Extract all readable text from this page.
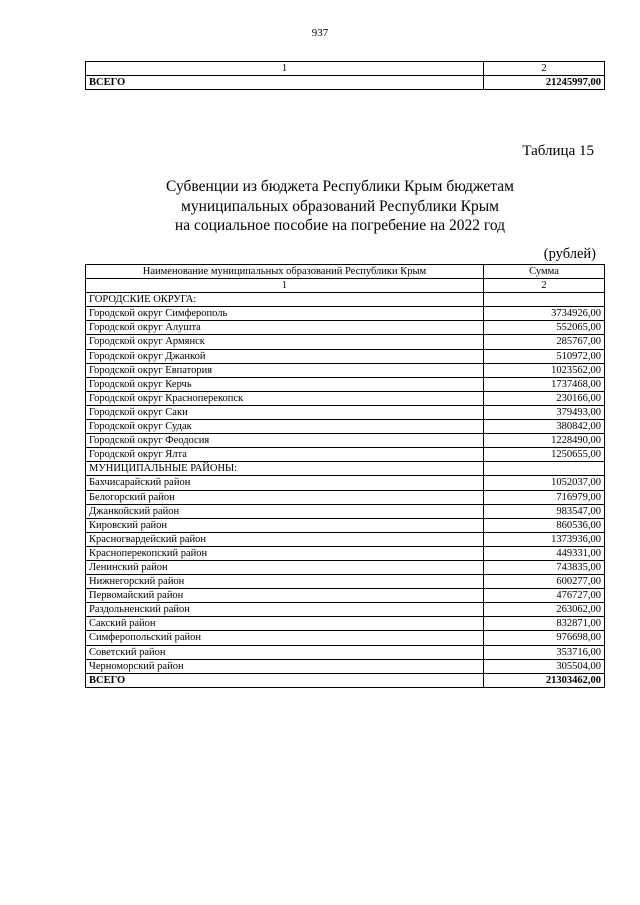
937
1	2
ВСЕГО	21245997,00
Таблица 15
Субвенции из бюджета Республики Крым бюджетам
муниципальных образований Республики Крым
на социальное пособие на погребение на 2022 год
(рублей)
Наименование муниципальных образований Республики Крым	Сумма
1	2
ГОРОДСКИЕ ОКРУГА:	
Городской округ Симферополь	3734926,00
Городской округ Алушта	552065,00
Городской округ Армянск	285767,00
Городской округ Джанкой	510972,00
Городской округ Евпатория	1023562,00
Городской округ Керчь	1737468,00
Городской округ Красноперекопск	230166,00
Городской округ Саки	379493,00
Городской округ Судак	380842,00
Городской округ Феодосия	1228490,00
Городской округ Ялта	1250655,00
МУНИЦИПАЛЬНЫЕ РАЙОНЫ:	
Бахчисарайский район	1052037,00
Белогорский район	716979,00
Джанкойский район	983547,00
Кировский район	860536,00
Красногвардейский район	1373936,00
Красноперекопский район	449331,00
Ленинский район	743835,00
Нижнегорский район	600277,00
Первомайский район	476727,00
Раздольненский район	263062,00
Сакский район	832871,00
Симферопольский район	976698,00
Советский район	353716,00
Черноморский район	305504,00
ВСЕГО	21303462,00
